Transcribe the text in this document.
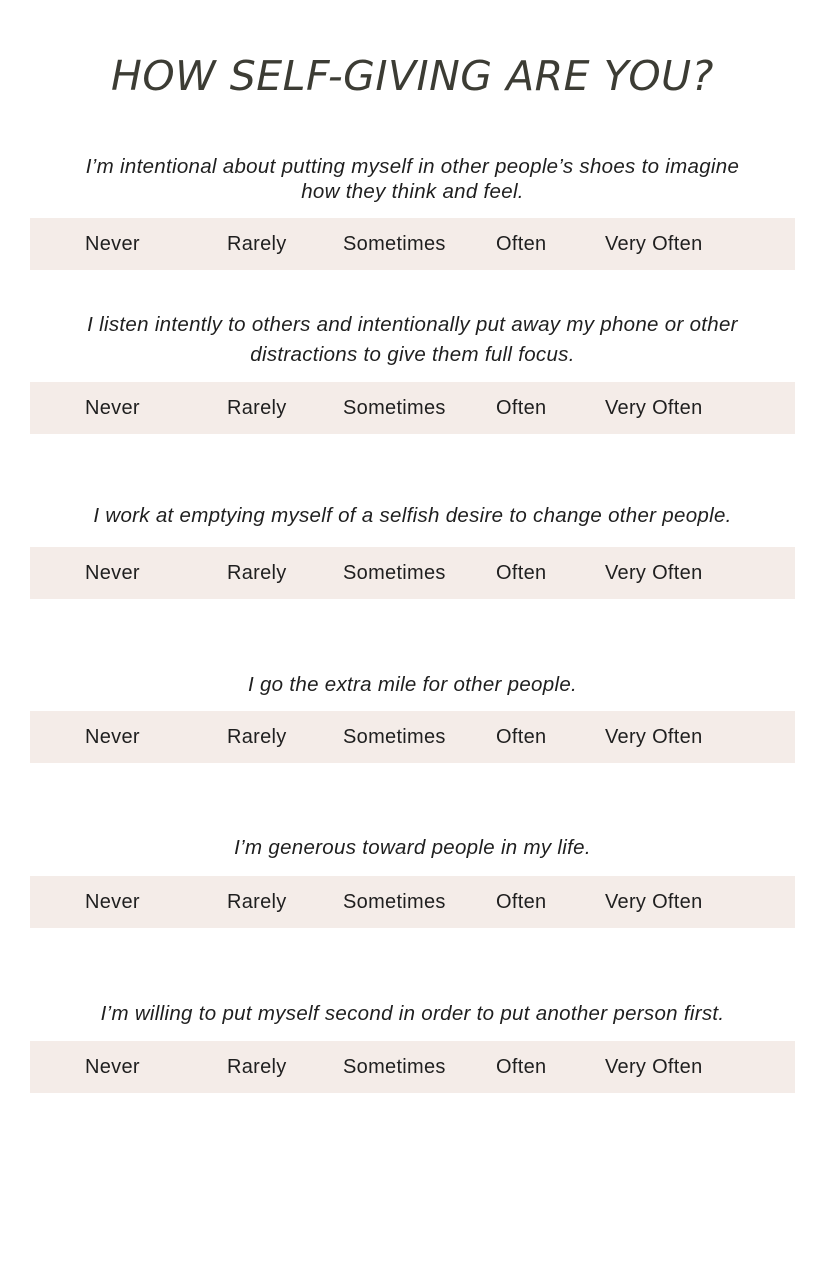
HOW SELF-GIVING ARE YOU?
I’m intentional about putting myself in other people’s shoes to imagine
how they think and feel.
Never	Rarely	Sometimes	Often	Very Often
I listen intently to others and intentionally put away my phone or other
distractions to give them full focus.
Never	Rarely	Sometimes	Often	Very Often
I work at emptying myself of a selfish desire to change other people.
Never	Rarely	Sometimes	Often	Very Often
I go the extra mile for other people.
Never	Rarely	Sometimes	Often	Very Often
I’m generous toward people in my life.
Never	Rarely	Sometimes	Often	Very Often
I’m willing to put myself second in order to put another person first.
Never	Rarely	Sometimes	Often	Very Often
